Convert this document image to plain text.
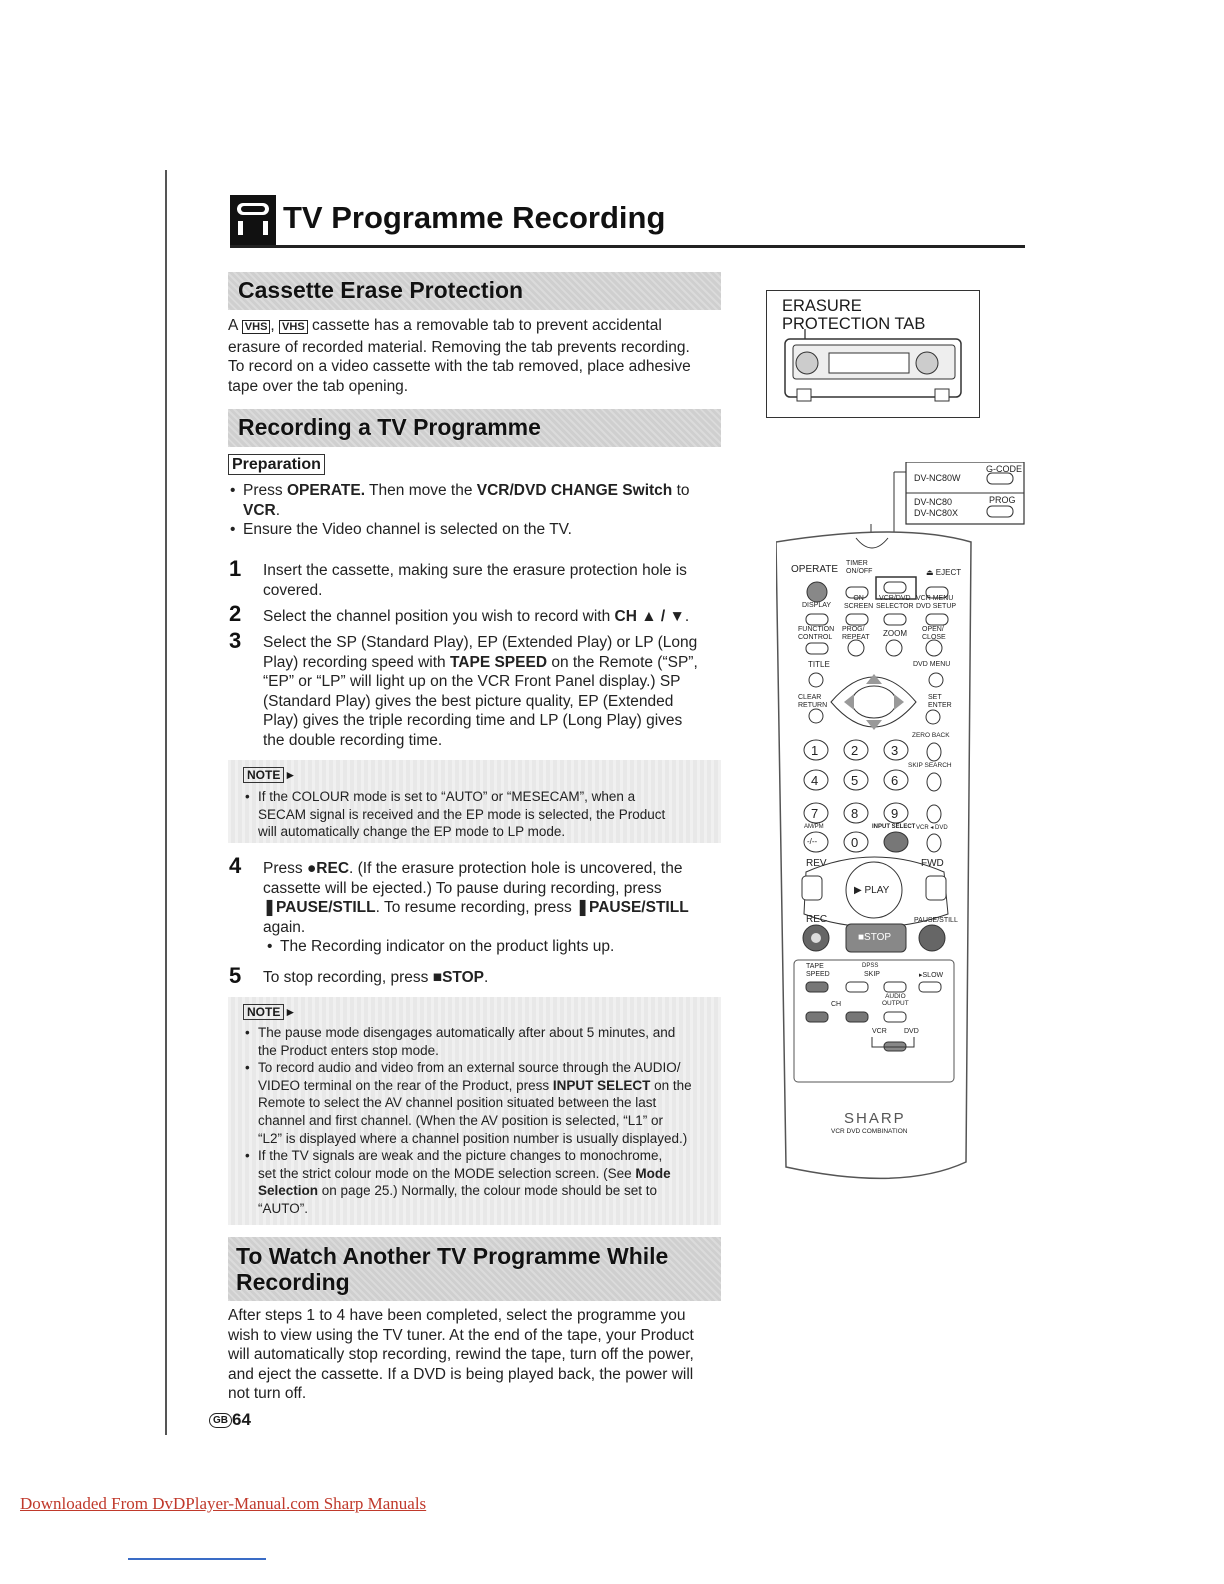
TV Programme Recording
Cassette Erase Protection
A VHS , VHS cassette has a removable tab to prevent accidental
erasure of recorded material. Removing the tab prevents recording.
To record on a video cassette with the tab removed, place adhesive
tape over the tab opening.
Recording a TV Programme
Preparation
• Press OPERATE. Then move the VCR/DVD CHANGE Switch to
VCR.
• Ensure the Video channel is selected on the TV.
1 Insert the cassette, making sure the erasure protection hole is
covered.
2 Select the channel position you wish to record with CH ▲ / ▼.
3 Select the SP (Standard Play), EP (Extended Play) or LP (Long
Play) recording speed with TAPE SPEED on the Remote (“SP”,
“EP” or “LP” will light up on the VCR Front Panel display.) SP
(Standard Play) gives the best picture quality, EP (Extended
Play) gives the triple recording time and LP (Long Play) gives
the double recording time.
NOTE ►
• If the COLOUR mode is set to “AUTO” or “MESECAM”, when a
SECAM signal is received and the EP mode is selected, the Product
will automatically change the EP mode to LP mode.
4 Press ●REC. (If the erasure protection hole is uncovered, the
cassette will be ejected.) To pause during recording, press
❚PAUSE/STILL. To resume recording, press ❚PAUSE/STILL
again.
• The Recording indicator on the product lights up.
5 To stop recording, press ■STOP.
NOTE ►
• The pause mode disengages automatically after about 5 minutes, and
the Product enters stop mode.
• To record audio and video from an external source through the AUDIO/
VIDEO terminal on the rear of the Product, press INPUT SELECT on the
Remote to select the AV channel position situated between the last
channel and first channel. (When the AV position is selected, “L1” or
“L2” is displayed where a channel position number is usually displayed.)
• If the TV signals are weak and the picture changes to monochrome,
set the strict colour mode on the MODE selection screen. (See Mode
Selection on page 25.) Normally, the colour mode should be set to
“AUTO”.
To Watch Another TV Programme While
Recording
After steps 1 to 4 have been completed, select the programme you
wish to view using the TV tuner. At the end of the tape, your Product
will automatically stop recording, rewind the tape, turn off the power,
and eject the cassette. If a DVD is being played back, the power will
not turn off.
GB 64
Downloaded From DvDPlayer-Manual.com Sharp Manuals
ERASURE
PROTECTION TAB
DV-NC80W
G-CODE
DV-NC80
DV-NC80X
PROG
OPERATE
TIMER
ON/OFF	⏏ EJECT
DISPLAY
ON
SCREEN
VCR/DVD
SELECTOR
VCR MENU
DVD SETUP
FUNCTION
CONTROL
PROG/
REPEAT ZOOM OPEN/
CLOSE
TITLE	DVD MENU
CLEAR
RETURN
SET
ENTER
ZERO BACK
SKIP SEARCH
1	2	3
4	5	6
7	8	9
-/--	0
AM/PM	INPUT SELECT VCR ◂ DVD
REV	FWD
▶ PLAY
REC	PAUSE/STILL
■STOP
TAPE
SPEED
DPSS
SKIP	▸SLOW
CH
AUDIO
OUTPUT
VCR DVD
SHARP
VCR DVD COMBINATION
